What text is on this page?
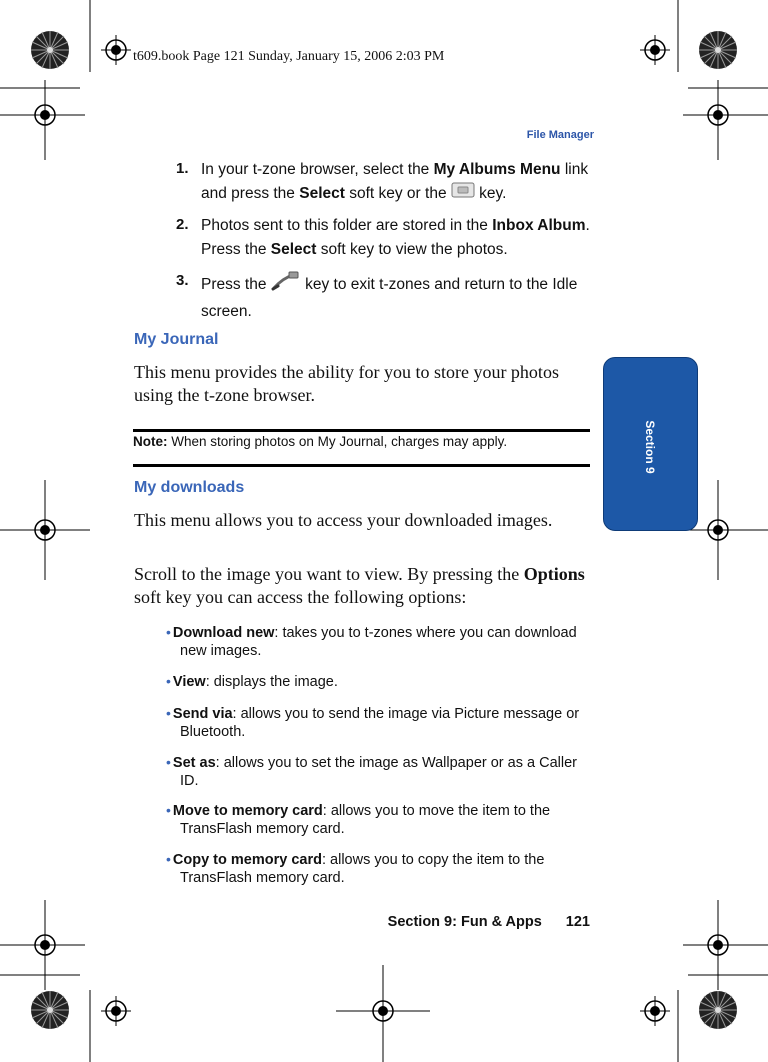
t609.book Page 121 Sunday, January 15, 2006 2:03 PM
File Manager
Section 9
1. In your t-zone browser, select the My Albums Menu link and press the Select soft key or the  key.
2. Photos sent to this folder are stored in the Inbox Album. Press the Select soft key to view the photos.
3. Press the  key to exit t-zones and return to the Idle screen.
My Journal
This menu provides the ability for you to store your photos using the t-zone browser.
Note: When storing photos on My Journal, charges may apply.
My downloads
This menu allows you to access your downloaded images.
Scroll to the image you want to view. By pressing the Options soft key you can access the following options:
• Download new: takes you to t-zones where you can download
new images.
• View: displays the image.
• Send via: allows you to send the image via Picture message or
Bluetooth.
• Set as: allows you to set the image as Wallpaper or as a Caller
ID.
• Move to memory card: allows you to move the item to the
TransFlash memory card.
• Copy to memory card: allows you to copy the item to the
TransFlash memory card.
Section 9: Fun & Apps 121
